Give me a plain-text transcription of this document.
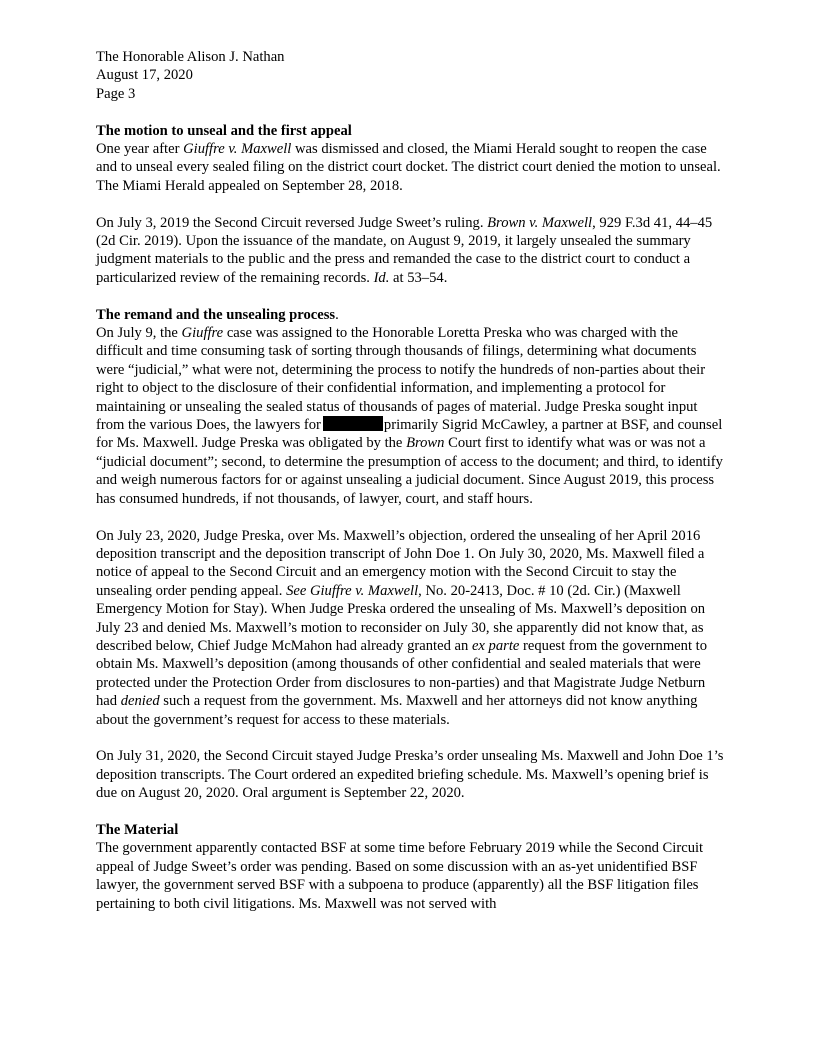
The Honorable Alison J. Nathan
August 17, 2020
Page 3
The motion to unseal and the first appeal

One year after Giuffre v. Maxwell was dismissed and closed, the Miami Herald sought to reopen the case and to unseal every sealed filing on the district court docket. The district court denied the motion to unseal. The Miami Herald appealed on September 28, 2018.

On July 3, 2019 the Second Circuit reversed Judge Sweet’s ruling. Brown v. Maxwell, 929 F.3d 41, 44–45 (2d Cir. 2019). Upon the issuance of the mandate, on August 9, 2019, it largely unsealed the summary judgment materials to the public and the press and remanded the case to the district court to conduct a particularized review of the remaining records. Id. at 53–54.

The remand and the unsealing process.

On July 9, the Giuffre case was assigned to the Honorable Loretta Preska who was charged with the difficult and time consuming task of sorting through thousands of filings, determining what documents were “judicial,” what were not, determining the process to notify the hundreds of non-parties about their right to object to the disclosure of their confidential information, and implementing a protocol for maintaining or unsealing the sealed status of thousands of pages of material. Judge Preska sought input from the various Does, the lawyers for	primarily Sigrid McCawley, a partner at BSF, and counsel for Ms. Maxwell. Judge Preska was obligated by the Brown Court first to identify what was or was not a “judicial document”; second, to determine the presumption of access to the document; and third, to identify and weigh numerous factors for or against unsealing a judicial document. Since August 2019, this process has consumed hundreds, if not thousands, of lawyer, court, and staff hours.

On July 23, 2020, Judge Preska, over Ms. Maxwell’s objection, ordered the unsealing of her April 2016 deposition transcript and the deposition transcript of John Doe 1. On July 30, 2020, Ms. Maxwell filed a notice of appeal to the Second Circuit and an emergency motion with the Second Circuit to stay the unsealing order pending appeal. See Giuffre v. Maxwell, No. 20-2413, Doc. # 10 (2d. Cir.) (Maxwell Emergency Motion for Stay). When Judge Preska ordered the unsealing of Ms. Maxwell’s deposition on July 23 and denied Ms. Maxwell’s motion to reconsider on July 30, she apparently did not know that, as described below, Chief Judge McMahon had already granted an ex parte request from the government to obtain Ms. Maxwell’s deposition (among thousands of other confidential and sealed materials that were protected under the Protection Order from disclosures to non-parties) and that Magistrate Judge Netburn had denied such a request from the government. Ms. Maxwell and her attorneys did not know anything about the government’s request for access to these materials.

On July 31, 2020, the Second Circuit stayed Judge Preska’s order unsealing Ms. Maxwell and John Doe 1’s deposition transcripts. The Court ordered an expedited briefing schedule. Ms. Maxwell’s opening brief is due on August 20, 2020. Oral argument is September 22, 2020.

The Material

The government apparently contacted BSF at some time before February 2019 while the Second Circuit appeal of Judge Sweet’s order was pending. Based on some discussion with an as-yet unidentified BSF lawyer, the government served BSF with a subpoena to produce (apparently) all the BSF litigation files pertaining to both civil litigations. Ms. Maxwell was not served with
